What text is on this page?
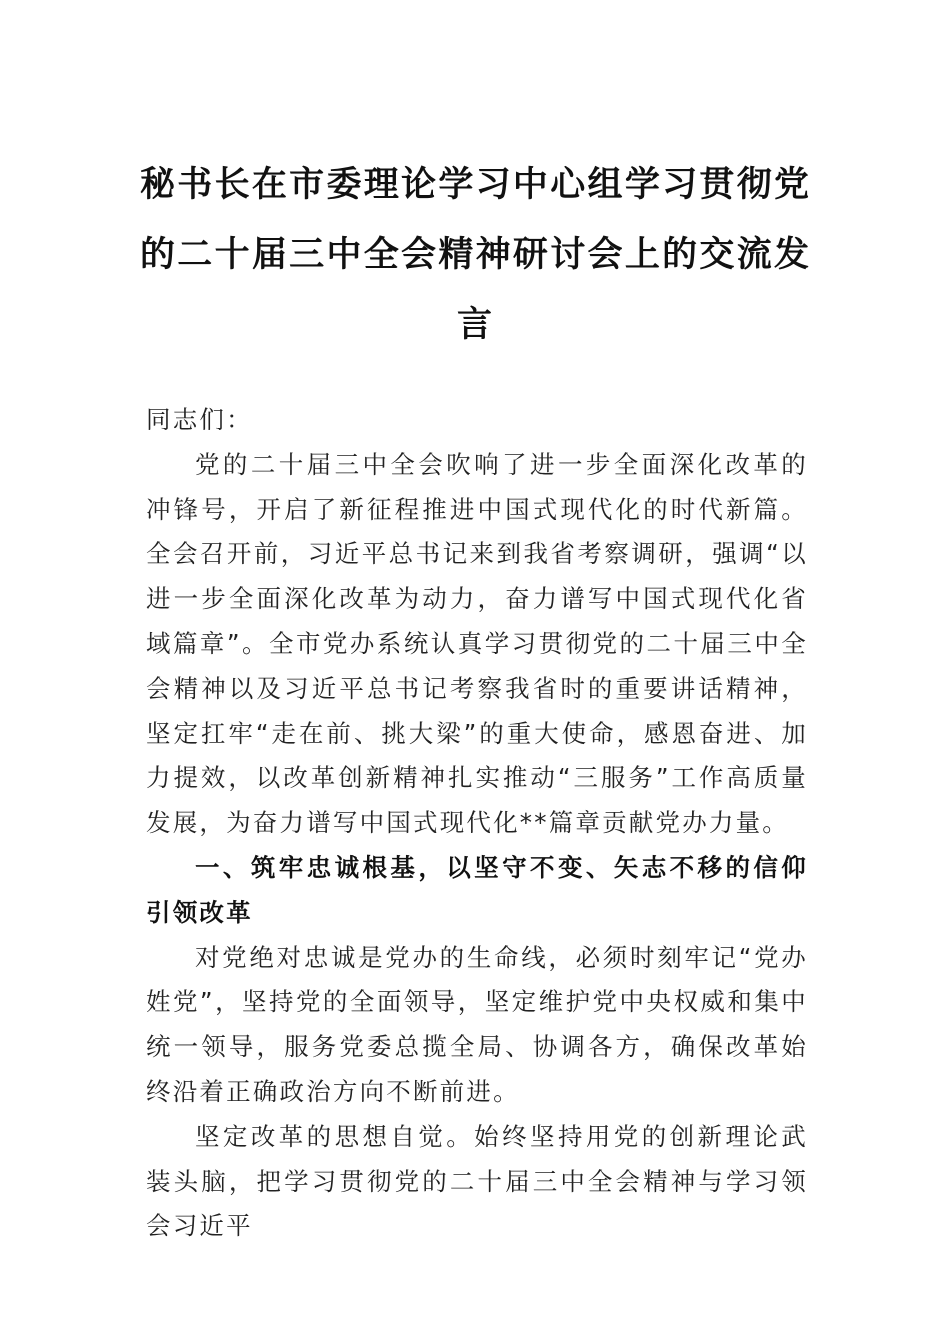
秘书长在市委理论学习中心组学习贯彻党的二十届三中全会精神研讨会上的交流发言

同志们：

党的二十届三中全会吹响了进一步全面深化改革的冲锋号，开启了新征程推进中国式现代化的时代新篇。全会召开前，习近平总书记来到我省考察调研，强调“以进一步全面深化改革为动力，奋力谱写中国式现代化省域篇章”。全市党办系统认真学习贯彻党的二十届三中全会精神以及习近平总书记考察我省时的重要讲话精神，坚定扛牢“走在前、挑大梁”的重大使命，感恩奋进、加力提效，以改革创新精神扎实推动“三服务”工作高质量发展，为奋力谱写中国式现代化**篇章贡献党办力量。

一、筑牢忠诚根基，以坚守不变、矢志不移的信仰引领改革

对党绝对忠诚是党办的生命线，必须时刻牢记“党办姓党”，坚持党的全面领导，坚定维护党中央权威和集中统一领导，服务党委总揽全局、协调各方，确保改革始终沿着正确政治方向不断前进。

坚定改革的思想自觉。始终坚持用党的创新理论武装头脑，把学习贯彻党的二十届三中全会精神与学习领会习近平
